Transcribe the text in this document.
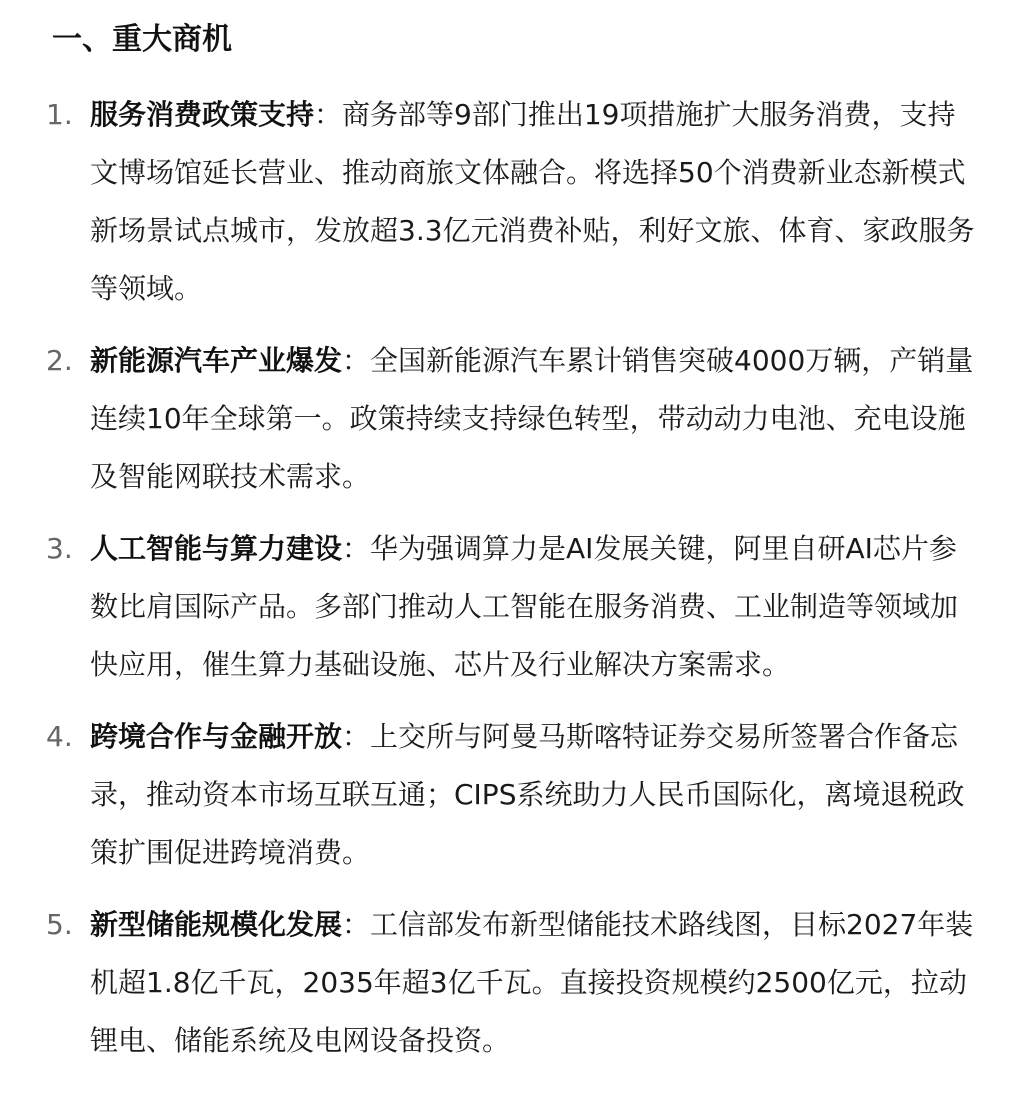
一、重大商机
1. 服务消费政策支持：商务部等9部门推出19项措施扩大服务消费，支持文博场馆延长营业、推动商旅文体融合。将选择50个消费新业态新模式新场景试点城市，发放超3.3亿元消费补贴，利好文旅、体育、家政服务等领域。

2. 新能源汽车产业爆发：全国新能源汽车累计销售突破4000万辆，产销量连续10年全球第一。政策持续支持绿色转型，带动动力电池、充电设施及智能网联技术需求。

3. 人工智能与算力建设：华为强调算力是AI发展关键，阿里自研AI芯片参数比肩国际产品。多部门推动人工智能在服务消费、工业制造等领域加快应用，催生算力基础设施、芯片及行业解决方案需求。

4. 跨境合作与金融开放：上交所与阿曼马斯喀特证券交易所签署合作备忘录，推动资本市场互联互通；CIPS系统助力人民币国际化，离境退税政策扩围促进跨境消费。

5. 新型储能规模化发展：工信部发布新型储能技术路线图，目标2027年装机超1.8亿千瓦，2035年超3亿千瓦。直接投资规模约2500亿元，拉动锂电、储能系统及电网设备投资。
